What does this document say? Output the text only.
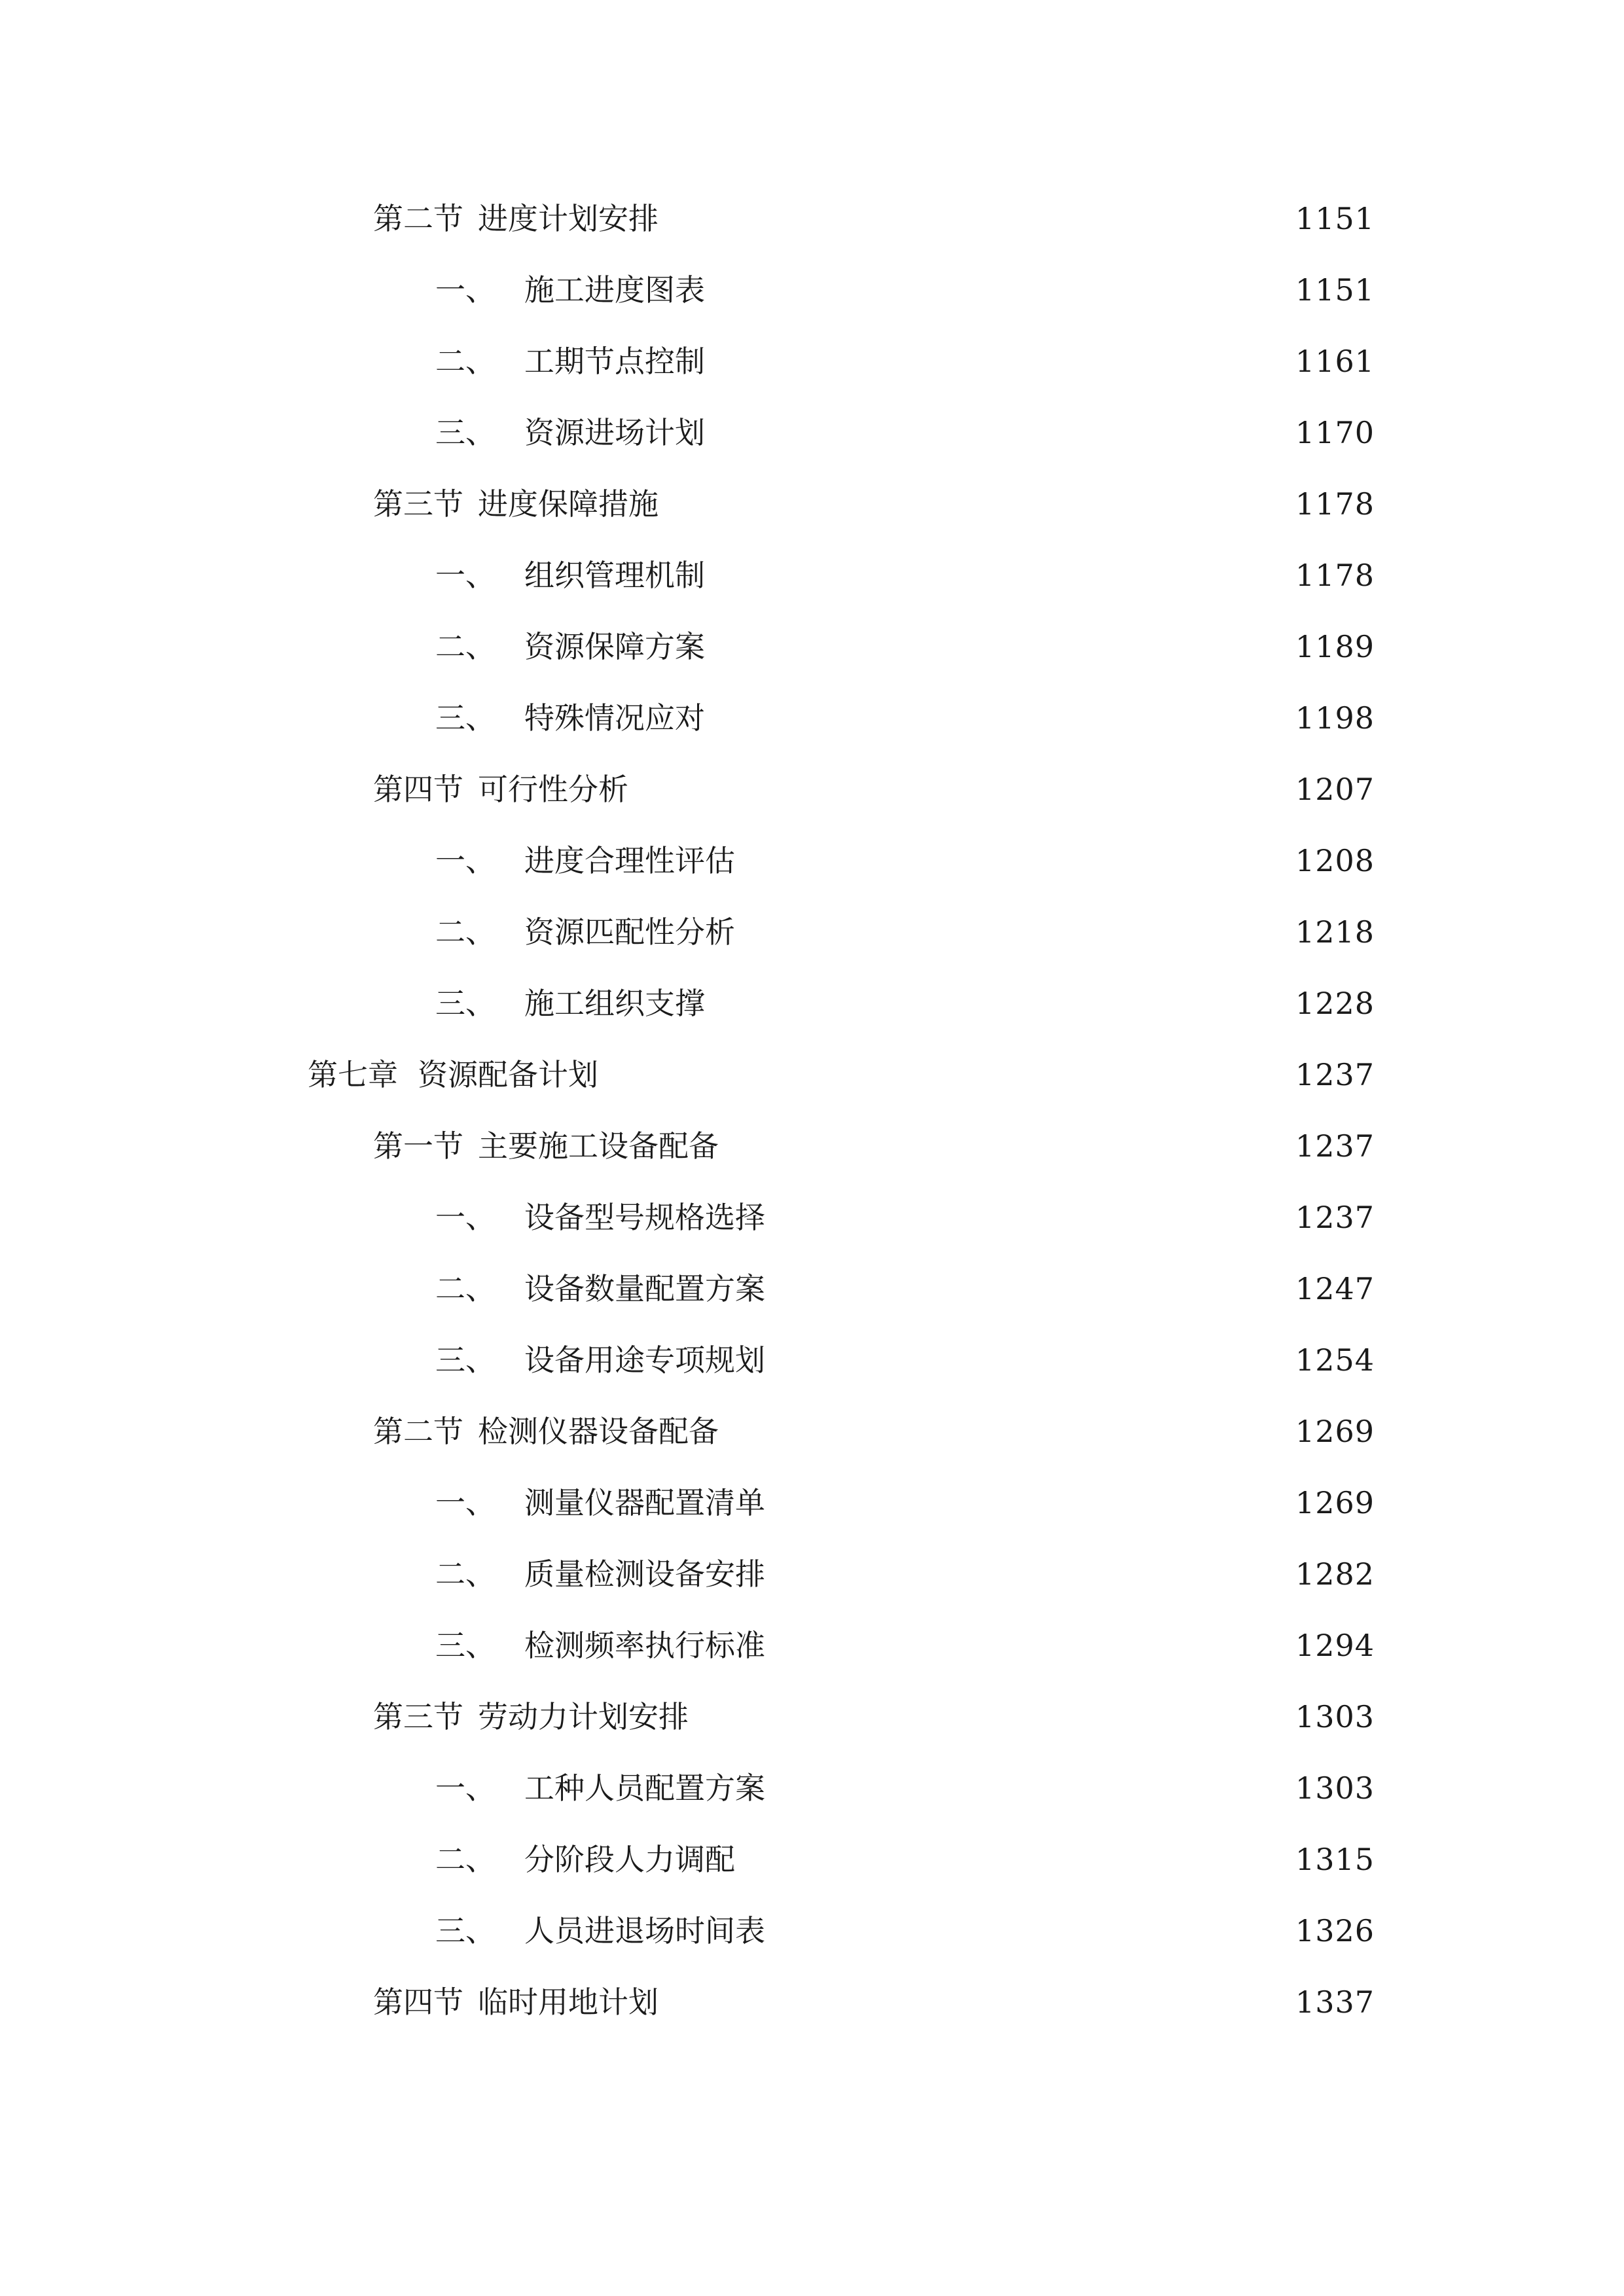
第二节 进度计划安排	1151
一、 施工进度图表	1151
二、 工期节点控制	1161
三、 资源进场计划	1170
第三节 进度保障措施	1178
一、 组织管理机制	1178
二、 资源保障方案	1189
三、 特殊情况应对	1198
第四节 可行性分析	1207
一、 进度合理性评估	1208
二、 资源匹配性分析	1218
三、 施工组织支撑	1228
第七章 资源配备计划	1237
第一节 主要施工设备配备	1237
一、 设备型号规格选择	1237
二、 设备数量配置方案	1247
三、 设备用途专项规划	1254
第二节 检测仪器设备配备	1269
一、 测量仪器配置清单	1269
二、 质量检测设备安排	1282
三、 检测频率执行标准	1294
第三节 劳动力计划安排	1303
一、 工种人员配置方案	1303
二、 分阶段人力调配	1315
三、 人员进退场时间表	1326
第四节 临时用地计划	1337
